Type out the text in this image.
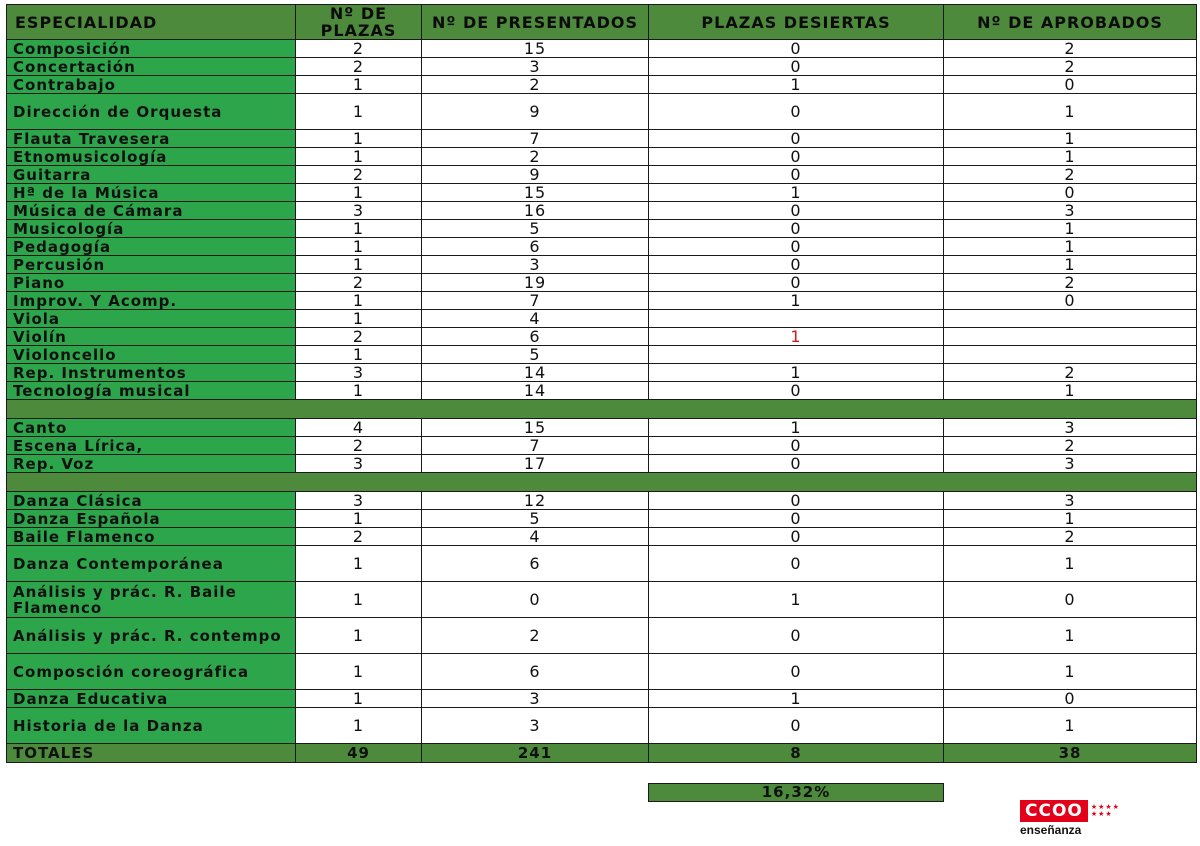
ESPECIALIDAD	Nº DE PLAZAS	Nº DE PRESENTADOS	PLAZAS DESIERTAS	Nº DE APROBADOS
Composición	2	15	0	2
Concertación	2	3	0	2
Contrabajo	1	2	1	0
Dirección de Orquesta	1	9	0	1
Flauta Travesera	1	7	0	1
Etnomusicología	1	2	0	1
Guitarra	2	9	0	2
Hª de la Música	1	15	1	0
Música de Cámara	3	16	0	3
Musicología	1	5	0	1
Pedagogía	1	6	0	1
Percusión	1	3	0	1
Piano	2	19	0	2
Improv. Y Acomp.	1	7	1	0
Viola	1	4		
Violín	2	6	1	
Violoncello	1	5		
Rep. Instrumentos	3	14	1	2
Tecnología musical	1	14	0	1

Canto	4	15	1	3
Escena Lírica,	2	7	0	2
Rep. Voz	3	17	0	3

Danza Clásica	3	12	0	3
Danza Española	1	5	0	1
Baile Flamenco	2	4	0	2
Danza Contemporánea	1	6	0	1
Análisis y prác. R. Baile Flamenco	1	0	1	0
Análisis y prác. R. contempo	1	2	0	1
Composción coreográfica	1	6	0	1
Danza Educativa	1	3	1	0
Historia de la Danza	1	3	0	1
TOTALES	49	241	8	38
16,32%
CCOO	★★★★
★★★
enseñanza
